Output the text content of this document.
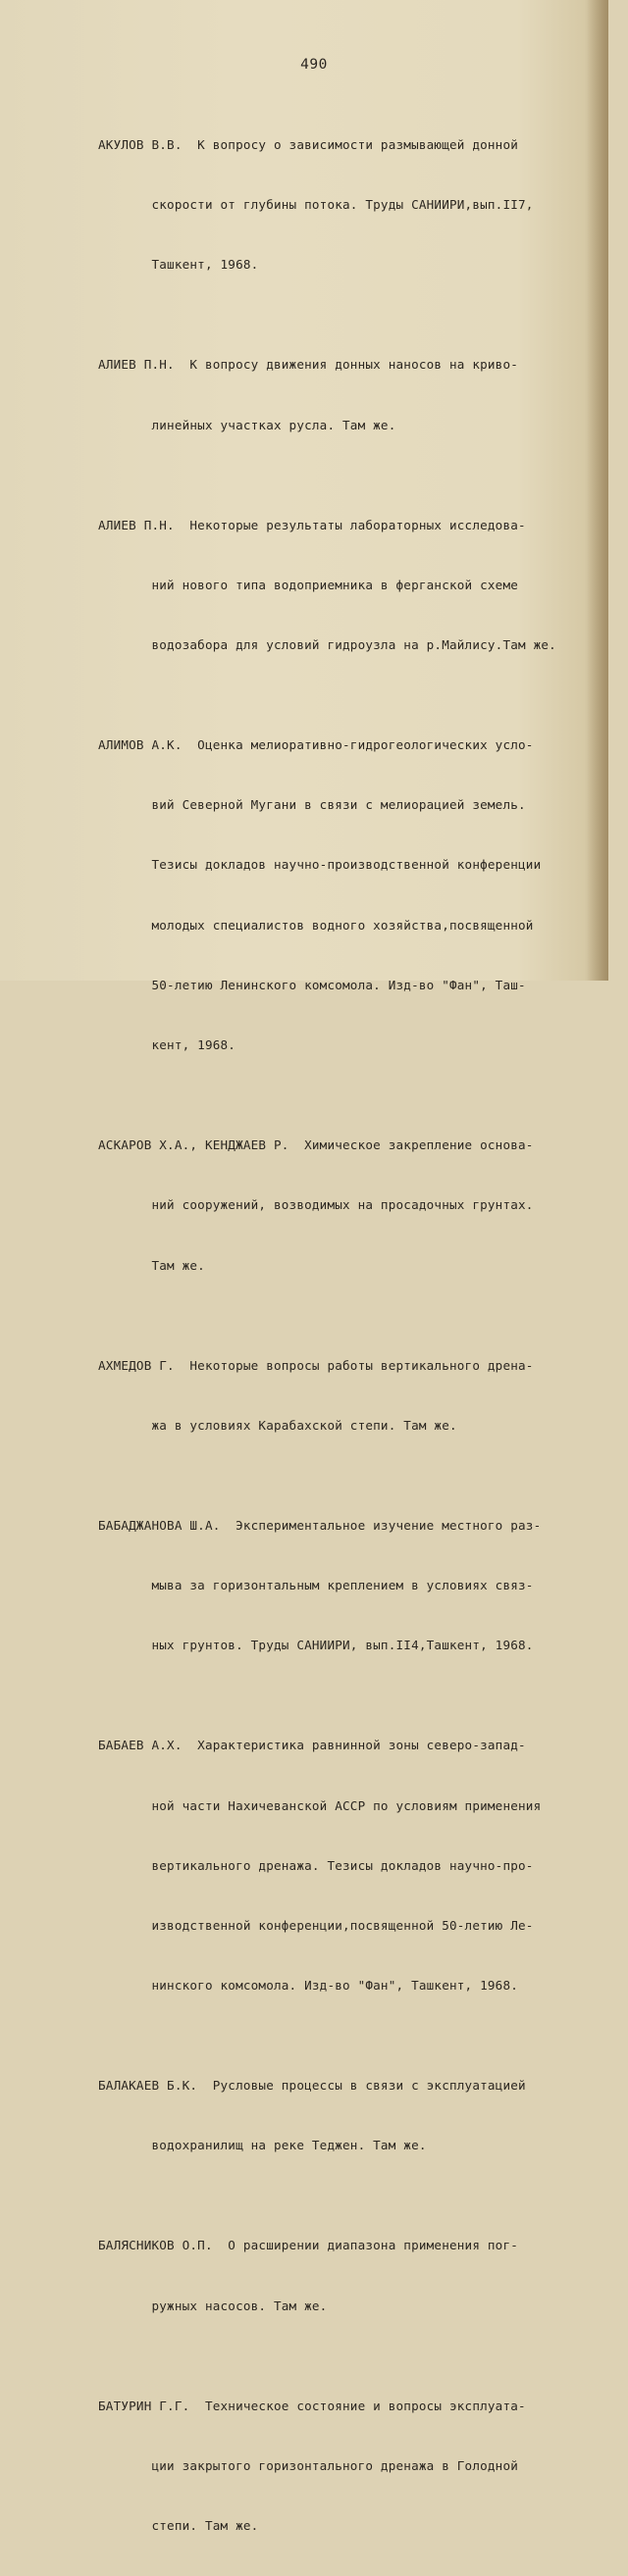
490

АКУЛОВ В.В.  К вопросу о зависимости размывающей донной

скорости от глубины потока. Труды САНИИРИ,вып.II7,

Ташкент, 1968.

АЛИЕВ П.Н.  К вопросу движения донных наносов на криво-

линейных участках русла. Там же.

АЛИЕВ П.Н.  Некоторые результаты лабораторных исследова-

ний нового типа водоприемника в ферганской схеме

водозабора для условий гидроузла на р.Майлису.Там же.

АЛИМОВ А.К.  Оценка мелиоративно-гидрогеологических усло-

вий Северной Мугани в связи с мелиорацией земель.

Тезисы докладов научно-производственной конференции

молодых специалистов водного хозяйства,посвященной

50-летию Ленинского комсомола. Изд-во "Фан", Таш-

кент, 1968.

АСКАРОВ Х.А., КЕНДЖАЕВ Р.  Химическое закрепление основа-

ний сооружений, возводимых на просадочных грунтах.

Там же.

АХМЕДОВ Г.  Некоторые вопросы работы вертикального дрена-

жа в условиях Карабахской степи. Там же.

БАБАДЖАНОВА Ш.А.  Экспериментальное изучение местного раз-

мыва за горизонтальным креплением в условиях связ-

ных грунтов. Труды САНИИРИ, вып.II4,Ташкент, 1968.

БАБАЕВ А.Х.  Характеристика равнинной зоны северо-запад-

ной части Нахичеванской АССР по условиям применения

вертикального дренажа. Тезисы докладов научно-про-

изводственной конференции,посвященной 50-летию Ле-

нинского комсомола. Изд-во "Фан", Ташкент, 1968.

БАЛАКАЕВ Б.К.  Русловые процессы в связи с эксплуатацией

водохранилищ на реке Теджен. Там же.

БАЛЯСНИКОВ О.П.  О расширении диапазона применения пог-

ружных насосов. Там же.

БАТУРИН Г.Г.  Техническое состояние и вопросы эксплуата-

ции закрытого горизонтального дренажа в Голодной

степи. Там же.
